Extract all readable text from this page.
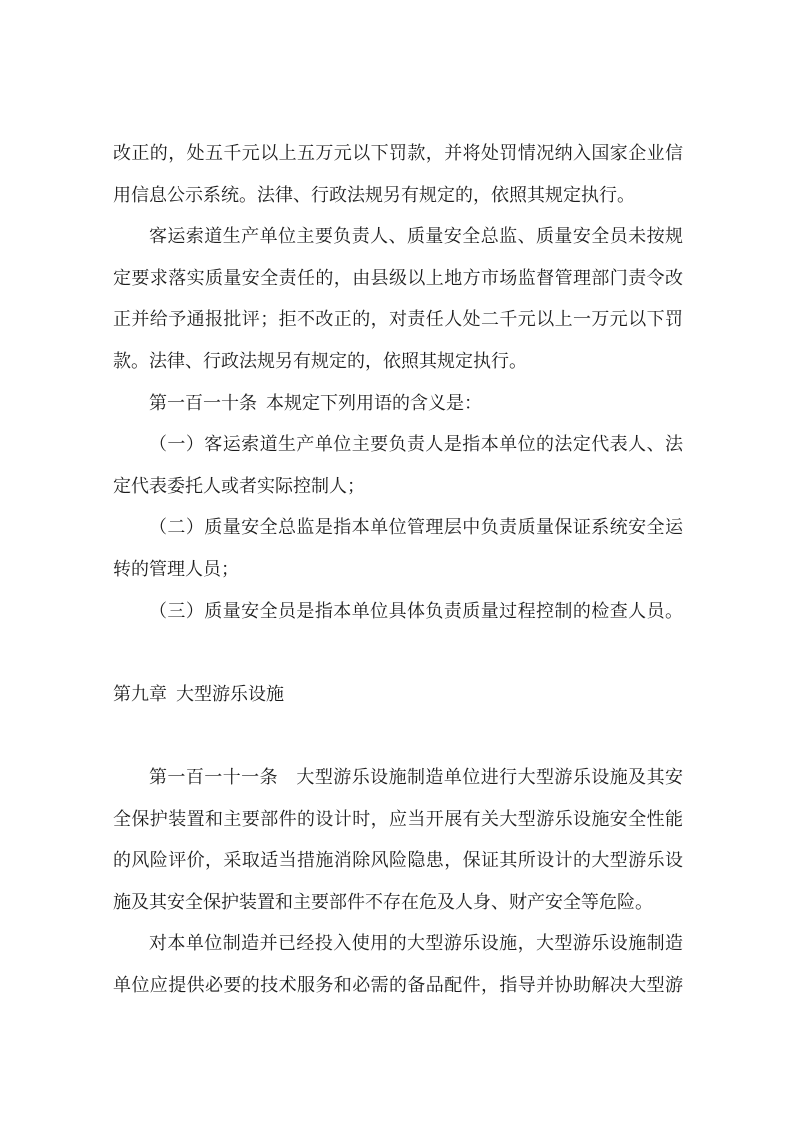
改正的，处五千元以上五万元以下罚款，并将处罚情况纳入国家企业信
用信息公示系统。法律、行政法规另有规定的，依照其规定执行。
客运索道生产单位主要负责人、质量安全总监、质量安全员未按规
定要求落实质量安全责任的，由县级以上地方市场监督管理部门责令改
正并给予通报批评；拒不改正的，对责任人处二千元以上一万元以下罚
款。法律、行政法规另有规定的，依照其规定执行。
第一百一十条 本规定下列用语的含义是：
（一）客运索道生产单位主要负责人是指本单位的法定代表人、法
定代表委托人或者实际控制人；
（二）质量安全总监是指本单位管理层中负责质量保证系统安全运
转的管理人员；
（三）质量安全员是指本单位具体负责质量过程控制的检查人员。
第九章 大型游乐设施
第一百一十一条　大型游乐设施制造单位进行大型游乐设施及其安
全保护装置和主要部件的设计时，应当开展有关大型游乐设施安全性能
的风险评价，采取适当措施消除风险隐患，保证其所设计的大型游乐设
施及其安全保护装置和主要部件不存在危及人身、财产安全等危险。
对本单位制造并已经投入使用的大型游乐设施，大型游乐设施制造
单位应提供必要的技术服务和必需的备品配件，指导并协助解决大型游
